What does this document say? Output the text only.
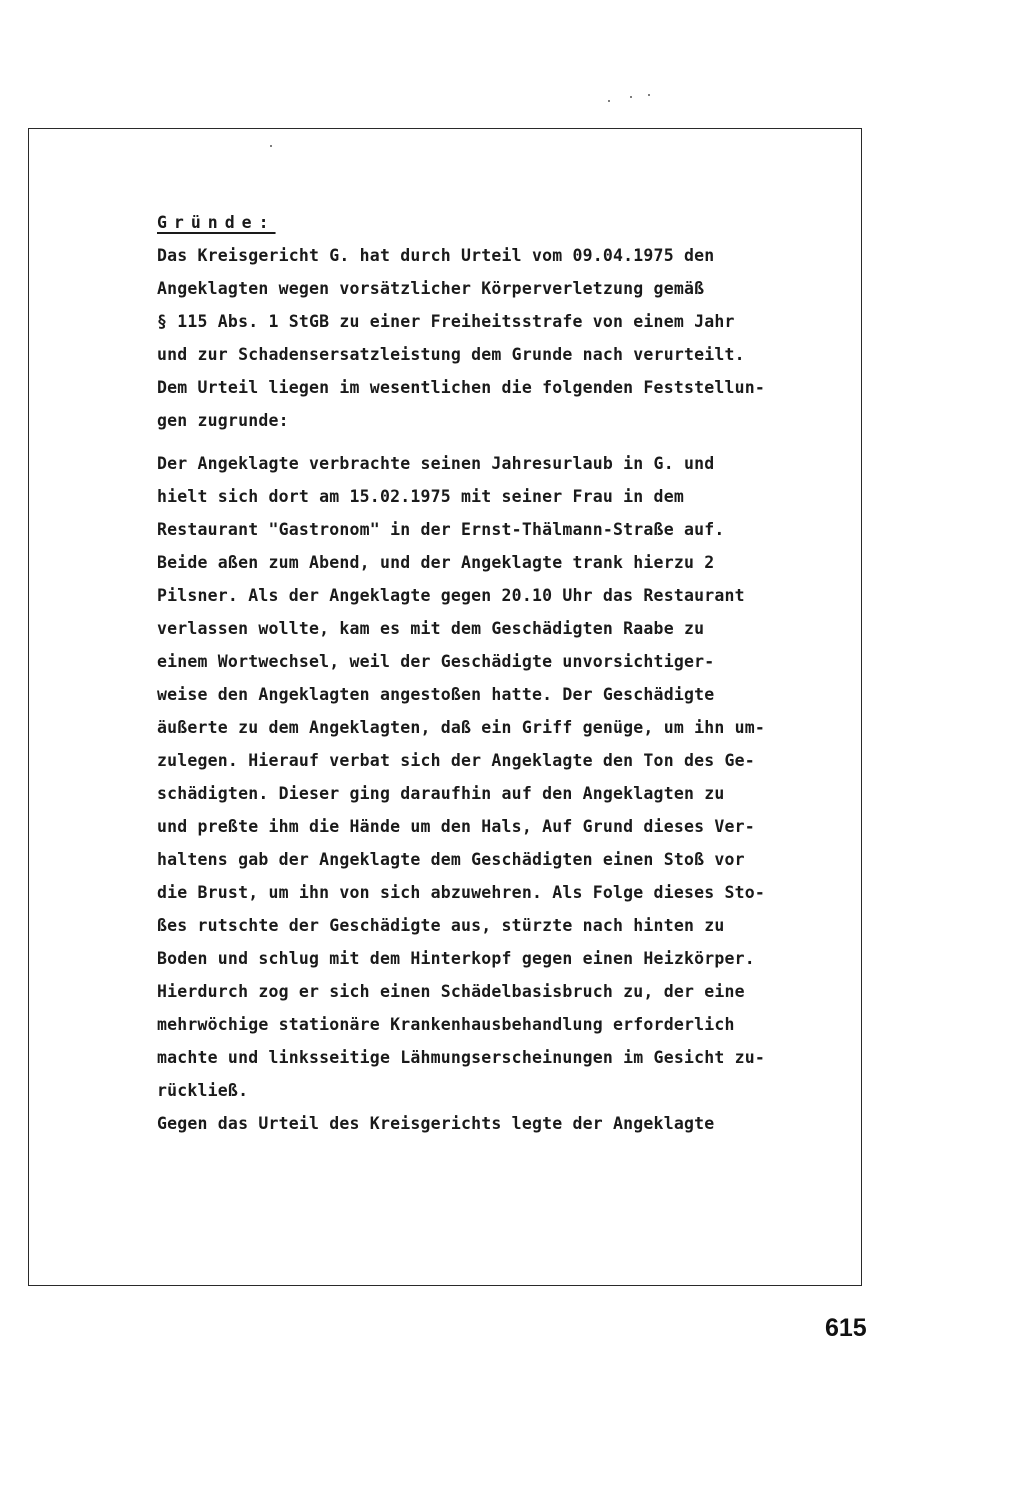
Gründe:
Das Kreisgericht G. hat durch Urteil vom 09.04.1975 den
Angeklagten wegen vorsätzlicher Körperverletzung gemäß
§ 115 Abs. 1 StGB zu einer Freiheitsstrafe von einem Jahr
und zur Schadensersatzleistung dem Grunde nach verurteilt.
Dem Urteil liegen im wesentlichen die folgenden Feststellun-
gen zugrunde:
Der Angeklagte verbrachte seinen Jahresurlaub in G. und
hielt sich dort am 15.02.1975 mit seiner Frau in dem
Restaurant "Gastronom" in der Ernst-Thälmann-Straße auf.
Beide aßen zum Abend, und der Angeklagte trank hierzu 2
Pilsner. Als der Angeklagte gegen 20.10 Uhr das Restaurant
verlassen wollte, kam es mit dem Geschädigten Raabe zu
einem Wortwechsel, weil der Geschädigte unvorsichtiger-
weise den Angeklagten angestoßen hatte. Der Geschädigte
äußerte zu dem Angeklagten, daß ein Griff genüge, um ihn um-
zulegen. Hierauf verbat sich der Angeklagte den Ton des Ge-
schädigten. Dieser ging daraufhin auf den Angeklagten zu
und preßte ihm die Hände um den Hals, Auf Grund dieses Ver-
haltens gab der Angeklagte dem Geschädigten einen Stoß vor
die Brust, um ihn von sich abzuwehren. Als Folge dieses Sto-
ßes rutschte der Geschädigte aus, stürzte nach hinten zu
Boden und schlug mit dem Hinterkopf gegen einen Heizkörper.
Hierdurch zog er sich einen Schädelbasisbruch zu, der eine
mehrwöchige stationäre Krankenhausbehandlung erforderlich
machte und linksseitige Lähmungserscheinungen im Gesicht zu-
rückließ.
Gegen das Urteil des Kreisgerichts legte der Angeklagte
615
